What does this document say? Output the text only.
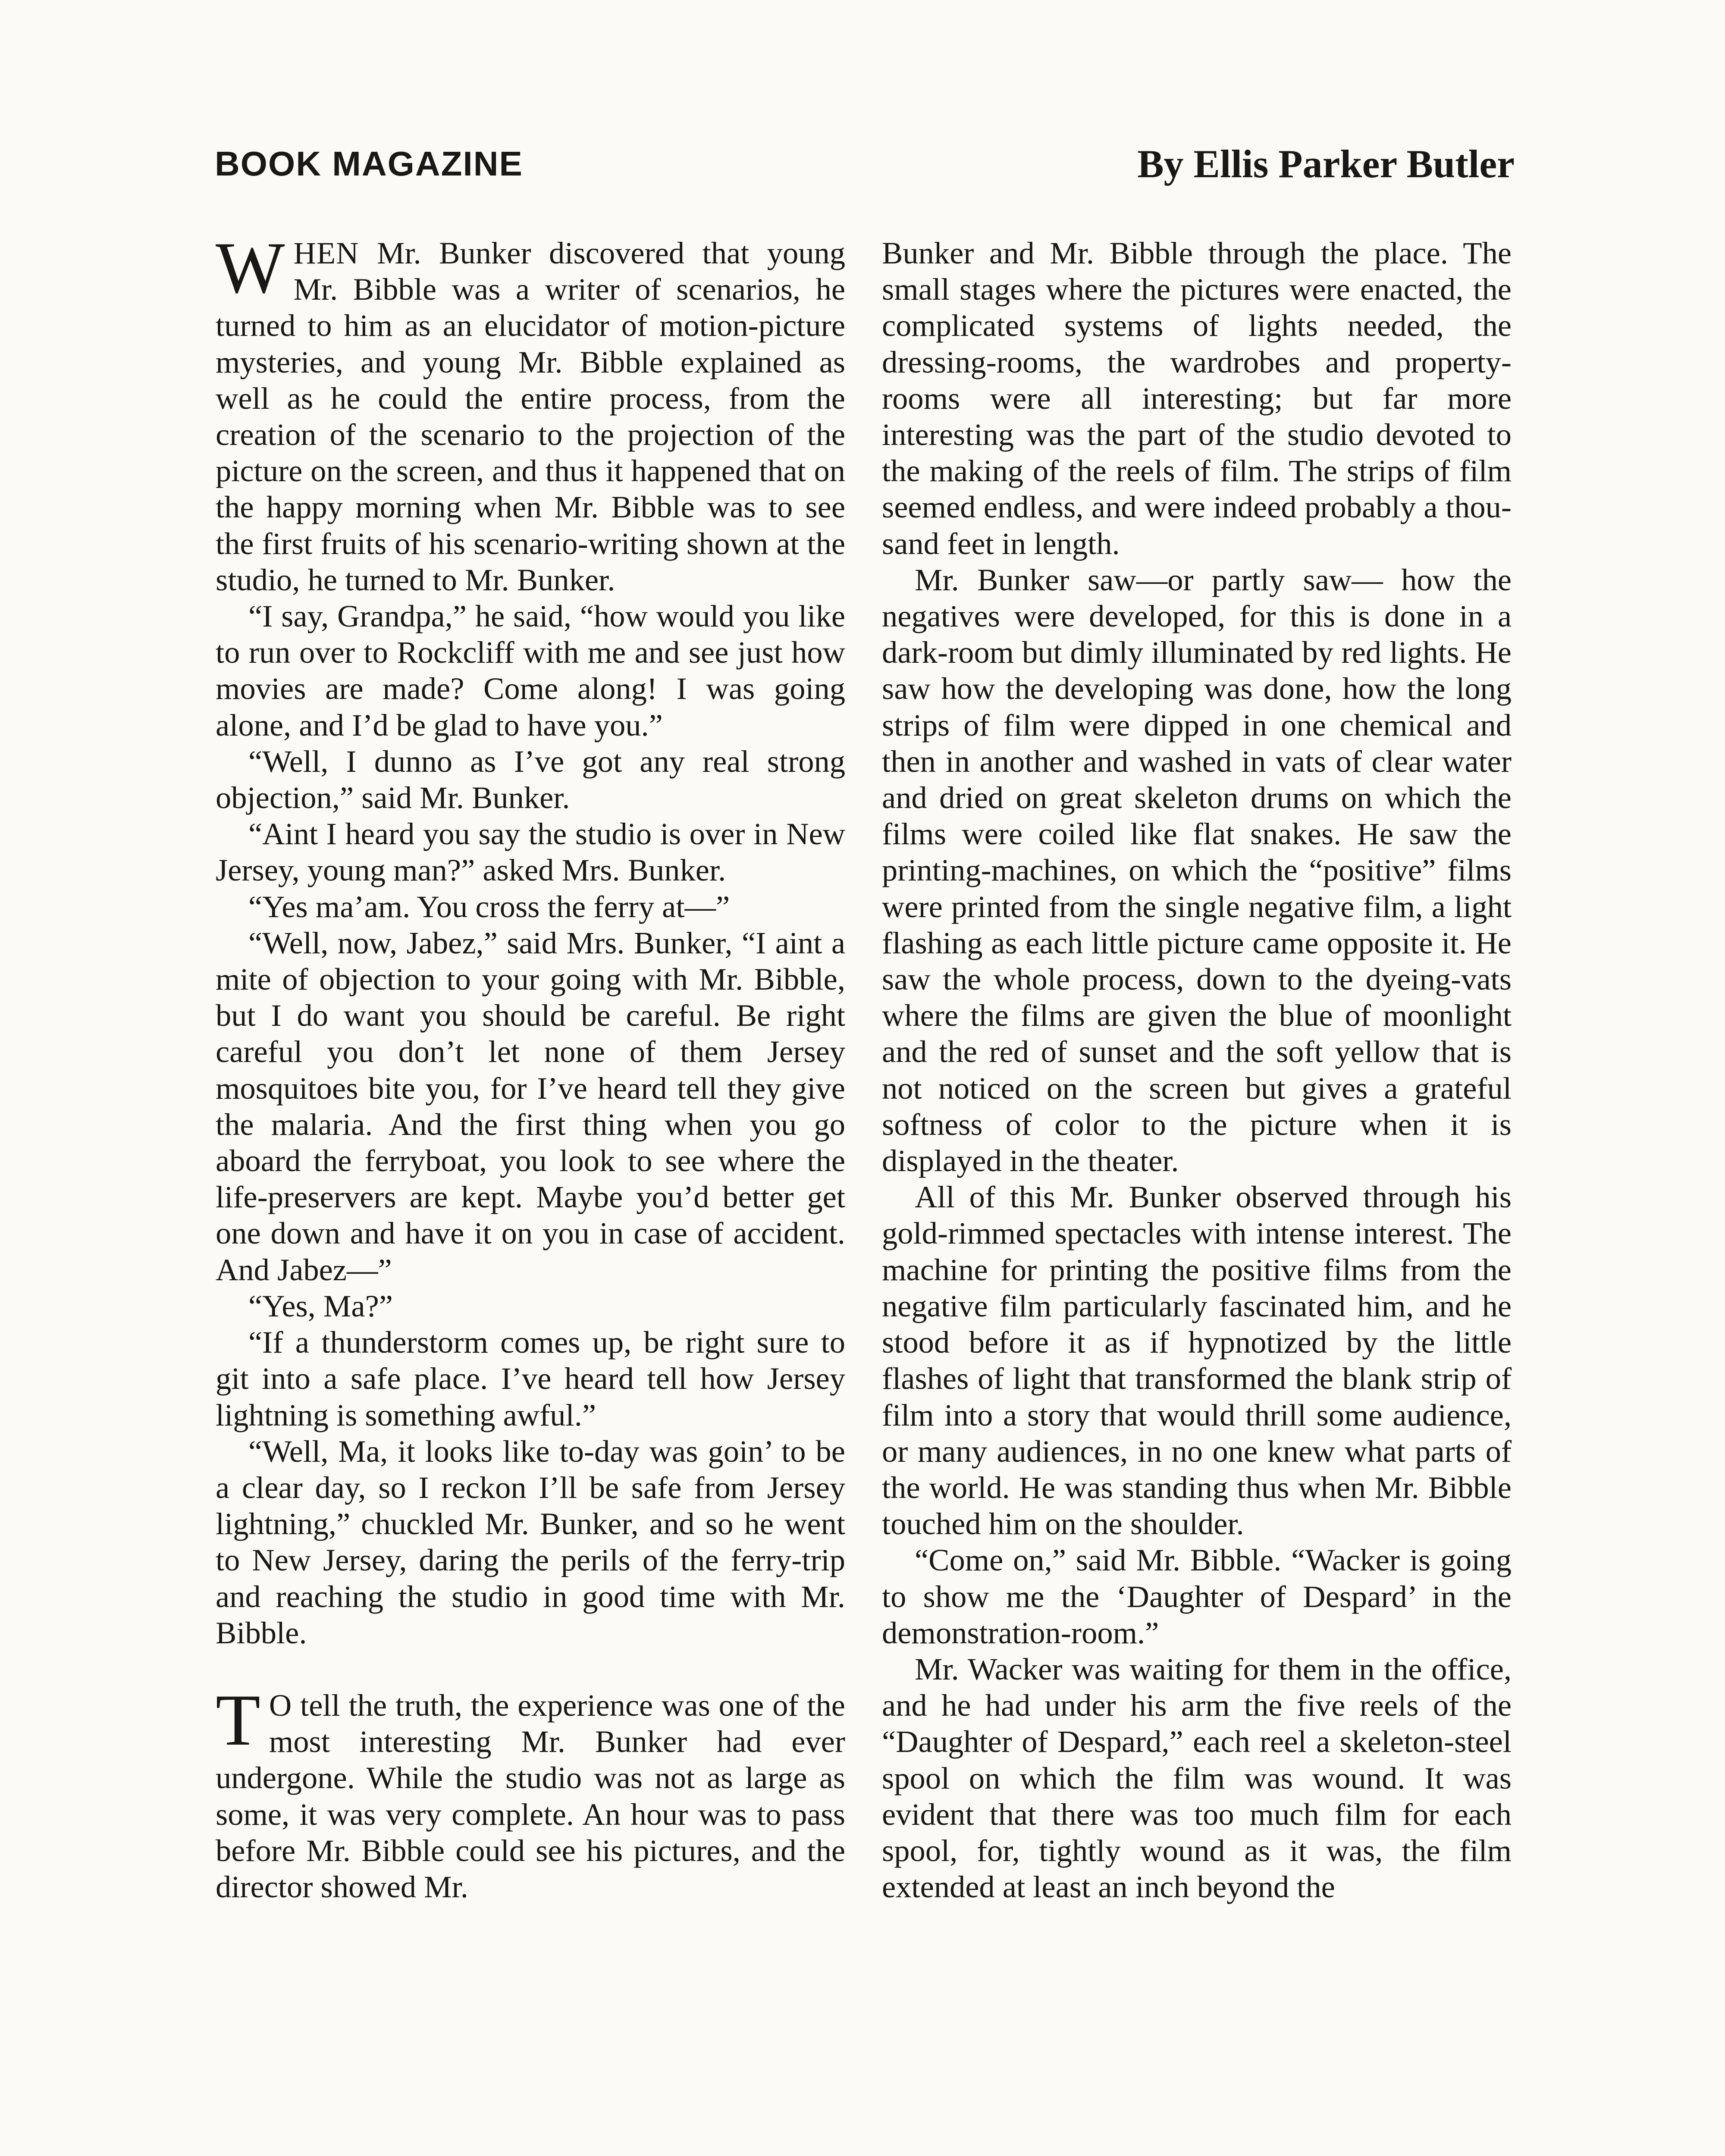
BOOK MAGAZINE	By Ellis Parker Butler

WHEN Mr. Bunker discovered that young Mr. Bibble was a writer of scenarios, he turned to him as an elucidator of motion-picture mysteries, and young Mr. Bibble explained as well as he could the entire process, from the creation of the scenario to the projection of the picture on the screen, and thus it happened that on the happy morning when Mr. Bibble was to see the first fruits of his scenario-writing shown at the studio, he turned to Mr. Bunker.

“I say, Grandpa,” he said, “how would you like to run over to Rockcliff with me and see just how movies are made? Come along! I was going alone, and I’d be glad to have you.”

“Well, I dunno as I’ve got any real strong objection,” said Mr. Bunker.

“Aint I heard you say the studio is over in New Jersey, young man?” asked Mrs. Bunker.

“Yes ma’am. You cross the ferry at—”

“Well, now, Jabez,” said Mrs. Bunker, “I aint a mite of objection to your going with Mr. Bibble, but I do want you should be careful. Be right careful you don’t let none of them Jersey mosquitoes bite you, for I’ve heard tell they give the malaria. And the first thing when you go aboard the ferryboat, you look to see where the life-preservers are kept. Maybe you’d better get one down and have it on you in case of accident. And Jabez—”

“Yes, Ma?”

“If a thunderstorm comes up, be right sure to git into a safe place. I’ve heard tell how Jersey lightning is something awful.”

“Well, Ma, it looks like to-day was goin’ to be a clear day, so I reckon I’ll be safe from Jersey lightning,” chuckled Mr. Bunker, and so he went to New Jersey, daring the perils of the ferry-trip and reaching the studio in good time with Mr. Bibble.

T O tell the truth, the experience was one of the most interesting Mr. Bunker had ever undergone. While the studio was not as large as some, it was very complete. An hour was to pass before Mr. Bibble could see his pictures, and the director showed Mr.

Bunker and Mr. Bibble through the place. The small stages where the pictures were enacted, the complicated systems of lights needed, the dressing-rooms, the wardrobes and property-rooms were all interesting; but far more interesting was the part of the studio devoted to the making of the reels of film. The strips of film seemed endless, and were indeed probably a thousand feet in length.

Mr. Bunker saw—or partly saw— how the negatives were developed, for this is done in a dark-room but dimly illuminated by red lights. He saw how the developing was done, how the long strips of film were dipped in one chemical and then in another and washed in vats of clear water and dried on great skeleton drums on which the films were coiled like flat snakes. He saw the printing-machines, on which the “positive” films were printed from the single negative film, a light flashing as each little picture came opposite it. He saw the whole process, down to the dyeing-vats where the films are given the blue of moonlight and the red of sunset and the soft yellow that is not noticed on the screen but gives a grateful softness of color to the picture when it is displayed in the theater.

All of this Mr. Bunker observed through his gold-rimmed spectacles with intense interest. The machine for printing the positive films from the negative film particularly fascinated him, and he stood before it as if hypnotized by the little flashes of light that transformed the blank strip of film into a story that would thrill some audience, or many audiences, in no one knew what parts of the world. He was standing thus when Mr. Bibble touched him on the shoulder.

“Come on,” said Mr. Bibble. “Wacker is going to show me the ‘Daughter of Despard’ in the demonstration-room.”

Mr. Wacker was waiting for them in the office, and he had under his arm the five reels of the “Daughter of Despard,” each reel a skeleton-steel spool on which the film was wound. It was evident that there was too much film for each spool, for, tightly wound as it was, the film extended at least an inch beyond the
